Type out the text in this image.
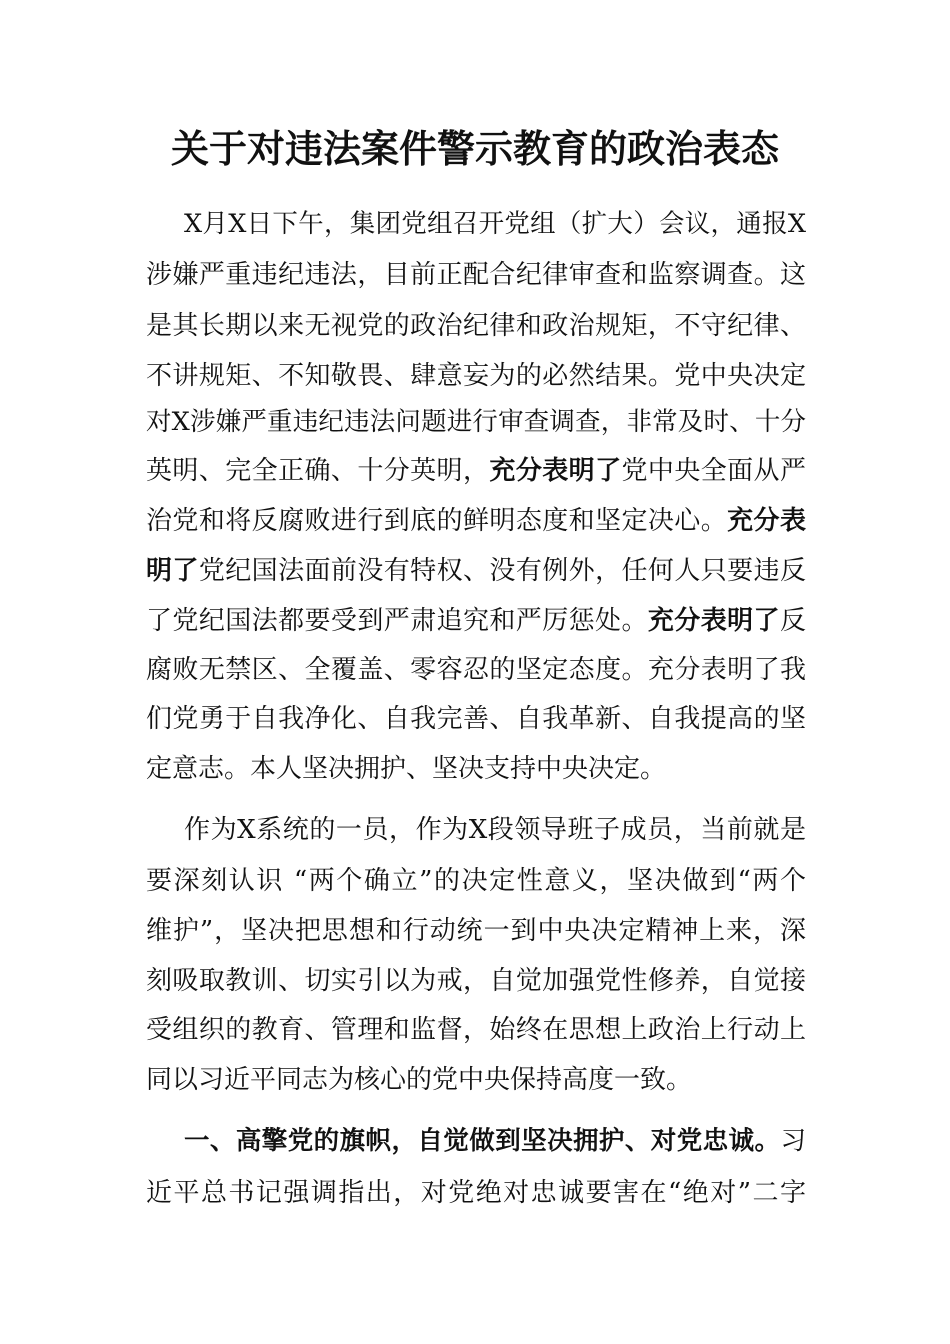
关于对违法案件警示教育的政治表态
X月X日下午，集团党组召开党组（扩大）会议，通报X
涉嫌严重违纪违法，目前正配合纪律审查和监察调查。这
是其长期以来无视党的政治纪律和政治规矩，不守纪律、
不讲规矩、不知敬畏、肆意妄为的必然结果。党中央决定
对X涉嫌严重违纪违法问题进行审查调查，非常及时、十分
英明、完全正确、十分英明，充分表明了党中央全面从严
治党和将反腐败进行到底的鲜明态度和坚定决心。充分表
明了党纪国法面前没有特权、没有例外，任何人只要违反
了党纪国法都要受到严肃追究和严厉惩处。充分表明了反
腐败无禁区、全覆盖、零容忍的坚定态度。充分表明了我
们党勇于自我净化、自我完善、自我革新、自我提高的坚
定意志。本人坚决拥护、坚决支持中央决定。
作为X系统的一员，作为X段领导班子成员，当前就是
要深刻认识 “两个确立”的决定性意义，坚决做到“两个
维护”，坚决把思想和行动统一到中央决定精神上来，深
刻吸取教训、切实引以为戒，自觉加强党性修养，自觉接
受组织的教育、管理和监督，始终在思想上政治上行动上
同以习近平同志为核心的党中央保持高度一致。
一、高擎党的旗帜，自觉做到坚决拥护、对党忠诚。习
近平总书记强调指出，对党绝对忠诚要害在“绝对”二字
